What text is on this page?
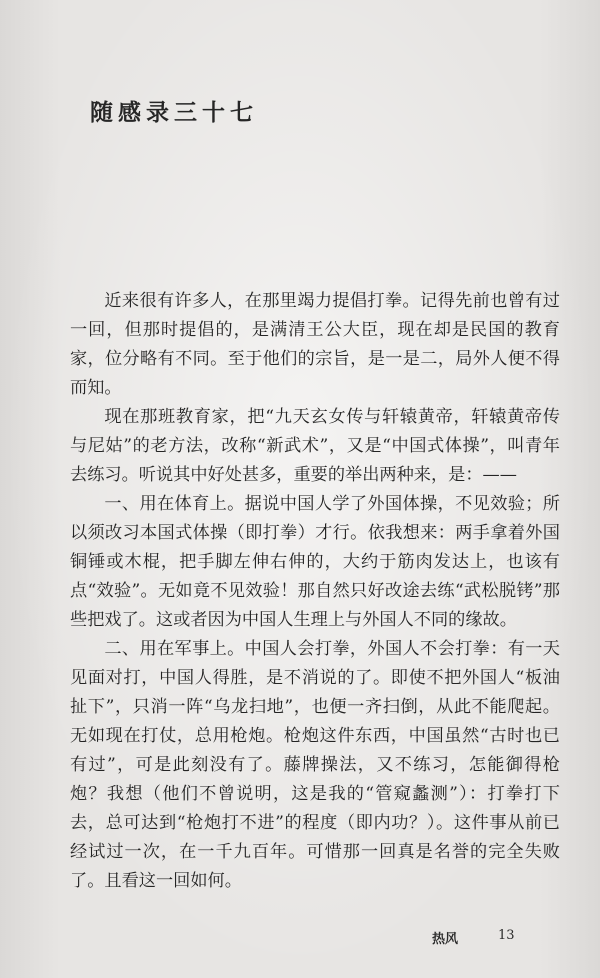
随感录三十七

近来很有许多人，在那里竭力提倡打拳。记得先前也曾有过一回，但那时提倡的，是满清王公大臣，现在却是民国的教育家，位分略有不同。至于他们的宗旨，是一是二，局外人便不得而知。

现在那班教育家，把“九天玄女传与轩辕黄帝，轩辕黄帝传与尼姑”的老方法，改称“新武术”，又是“中国式体操”，叫青年去练习。听说其中好处甚多，重要的举出两种来，是：——

一、用在体育上。据说中国人学了外国体操，不见效验；所以须改习本国式体操（即打拳）才行。依我想来：两手拿着外国铜锤或木棍，把手脚左伸右伸的，大约于筋肉发达上，也该有点“效验”。无如竟不见效验！那自然只好改途去练“武松脱铐”那些把戏了。这或者因为中国人生理上与外国人不同的缘故。

二、用在军事上。中国人会打拳，外国人不会打拳：有一天见面对打，中国人得胜，是不消说的了。即使不把外国人“板油扯下”，只消一阵“乌龙扫地”，也便一齐扫倒，从此不能爬起。无如现在打仗，总用枪炮。枪炮这件东西，中国虽然“古时也已有过”，可是此刻没有了。藤牌操法，又不练习，怎能御得枪炮？我想（他们不曾说明，这是我的“管窥蠡测”）：打拳打下去，总可达到“枪炮打不进”的程度（即内功？）。这件事从前已经试过一次，在一千九百年。可惜那一回真是名誉的完全失败了。且看这一回如何。

热风	13
